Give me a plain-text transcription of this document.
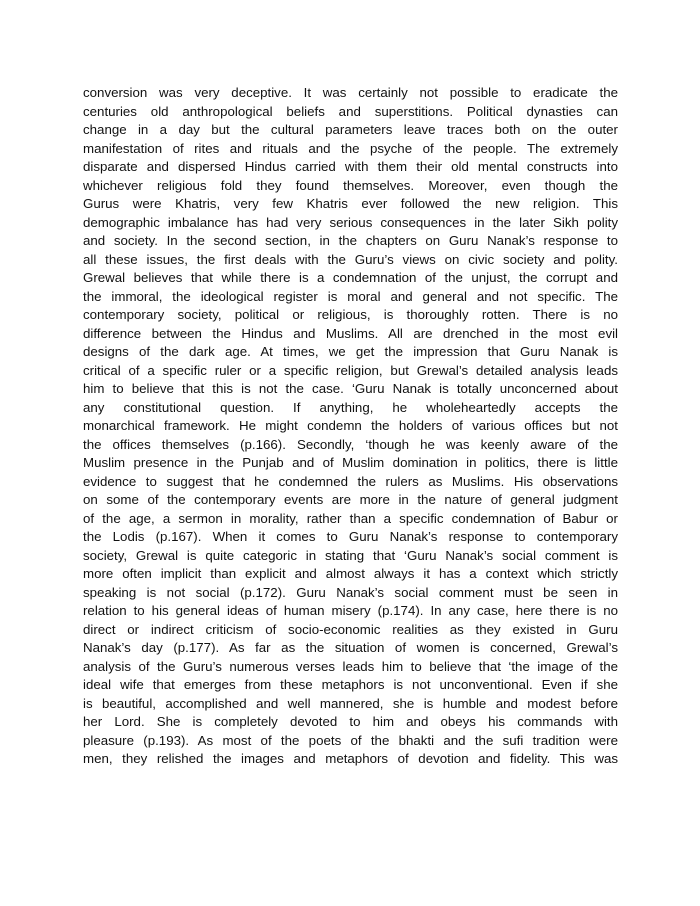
conversion was very deceptive. It was certainly not possible to eradicate the
centuries old anthropological beliefs and superstitions. Political dynasties can
change in a day but the cultural parameters leave traces both on the outer
manifestation of rites and rituals and the psyche of the people. The extremely
disparate and dispersed Hindus carried with them their old mental constructs into
whichever religious fold they found themselves. Moreover, even though the
Gurus were Khatris, very few Khatris ever followed the new religion. This
demographic imbalance has had very serious consequences in the later Sikh polity
and society. In the second section, in the chapters on Guru Nanak’s response to
all these issues, the first deals with the Guru’s views on civic society and polity.
Grewal believes that while there is a condemnation of the unjust, the corrupt and
the immoral, the ideological register is moral and general and not specific. The
contemporary society, political or religious, is thoroughly rotten. There is no
difference between the Hindus and Muslims. All are drenched in the most evil
designs of the dark age. At times, we get the impression that Guru Nanak is
critical of a specific ruler or a specific religion, but Grewal’s detailed analysis leads
him to believe that this is not the case. ‘Guru Nanak is totally unconcerned about
any constitutional question. If anything, he wholeheartedly accepts the
monarchical framework. He might condemn the holders of various offices but not
the offices themselves (p.166). Secondly, ‘though he was keenly aware of the
Muslim presence in the Punjab and of Muslim domination in politics, there is little
evidence to suggest that he condemned the rulers as Muslims. His observations
on some of the contemporary events are more in the nature of general judgment
of the age, a sermon in morality, rather than a specific condemnation of Babur or
the Lodis (p.167). When it comes to Guru Nanak’s response to contemporary
society, Grewal is quite categoric in stating that ‘Guru Nanak’s social comment is
more often implicit than explicit and almost always it has a context which strictly
speaking is not social (p.172). Guru Nanak’s social comment must be seen in
relation to his general ideas of human misery (p.174). In any case, here there is no
direct or indirect criticism of socio-economic realities as they existed in Guru
Nanak’s day (p.177). As far as the situation of women is concerned, Grewal’s
analysis of the Guru’s numerous verses leads him to believe that ‘the image of the
ideal wife that emerges from these metaphors is not unconventional. Even if she
is beautiful, accomplished and well mannered, she is humble and modest before
her Lord. She is completely devoted to him and obeys his commands with
pleasure (p.193). As most of the poets of the bhakti and the sufi tradition were
men, they relished the images and metaphors of devotion and fidelity. This was
